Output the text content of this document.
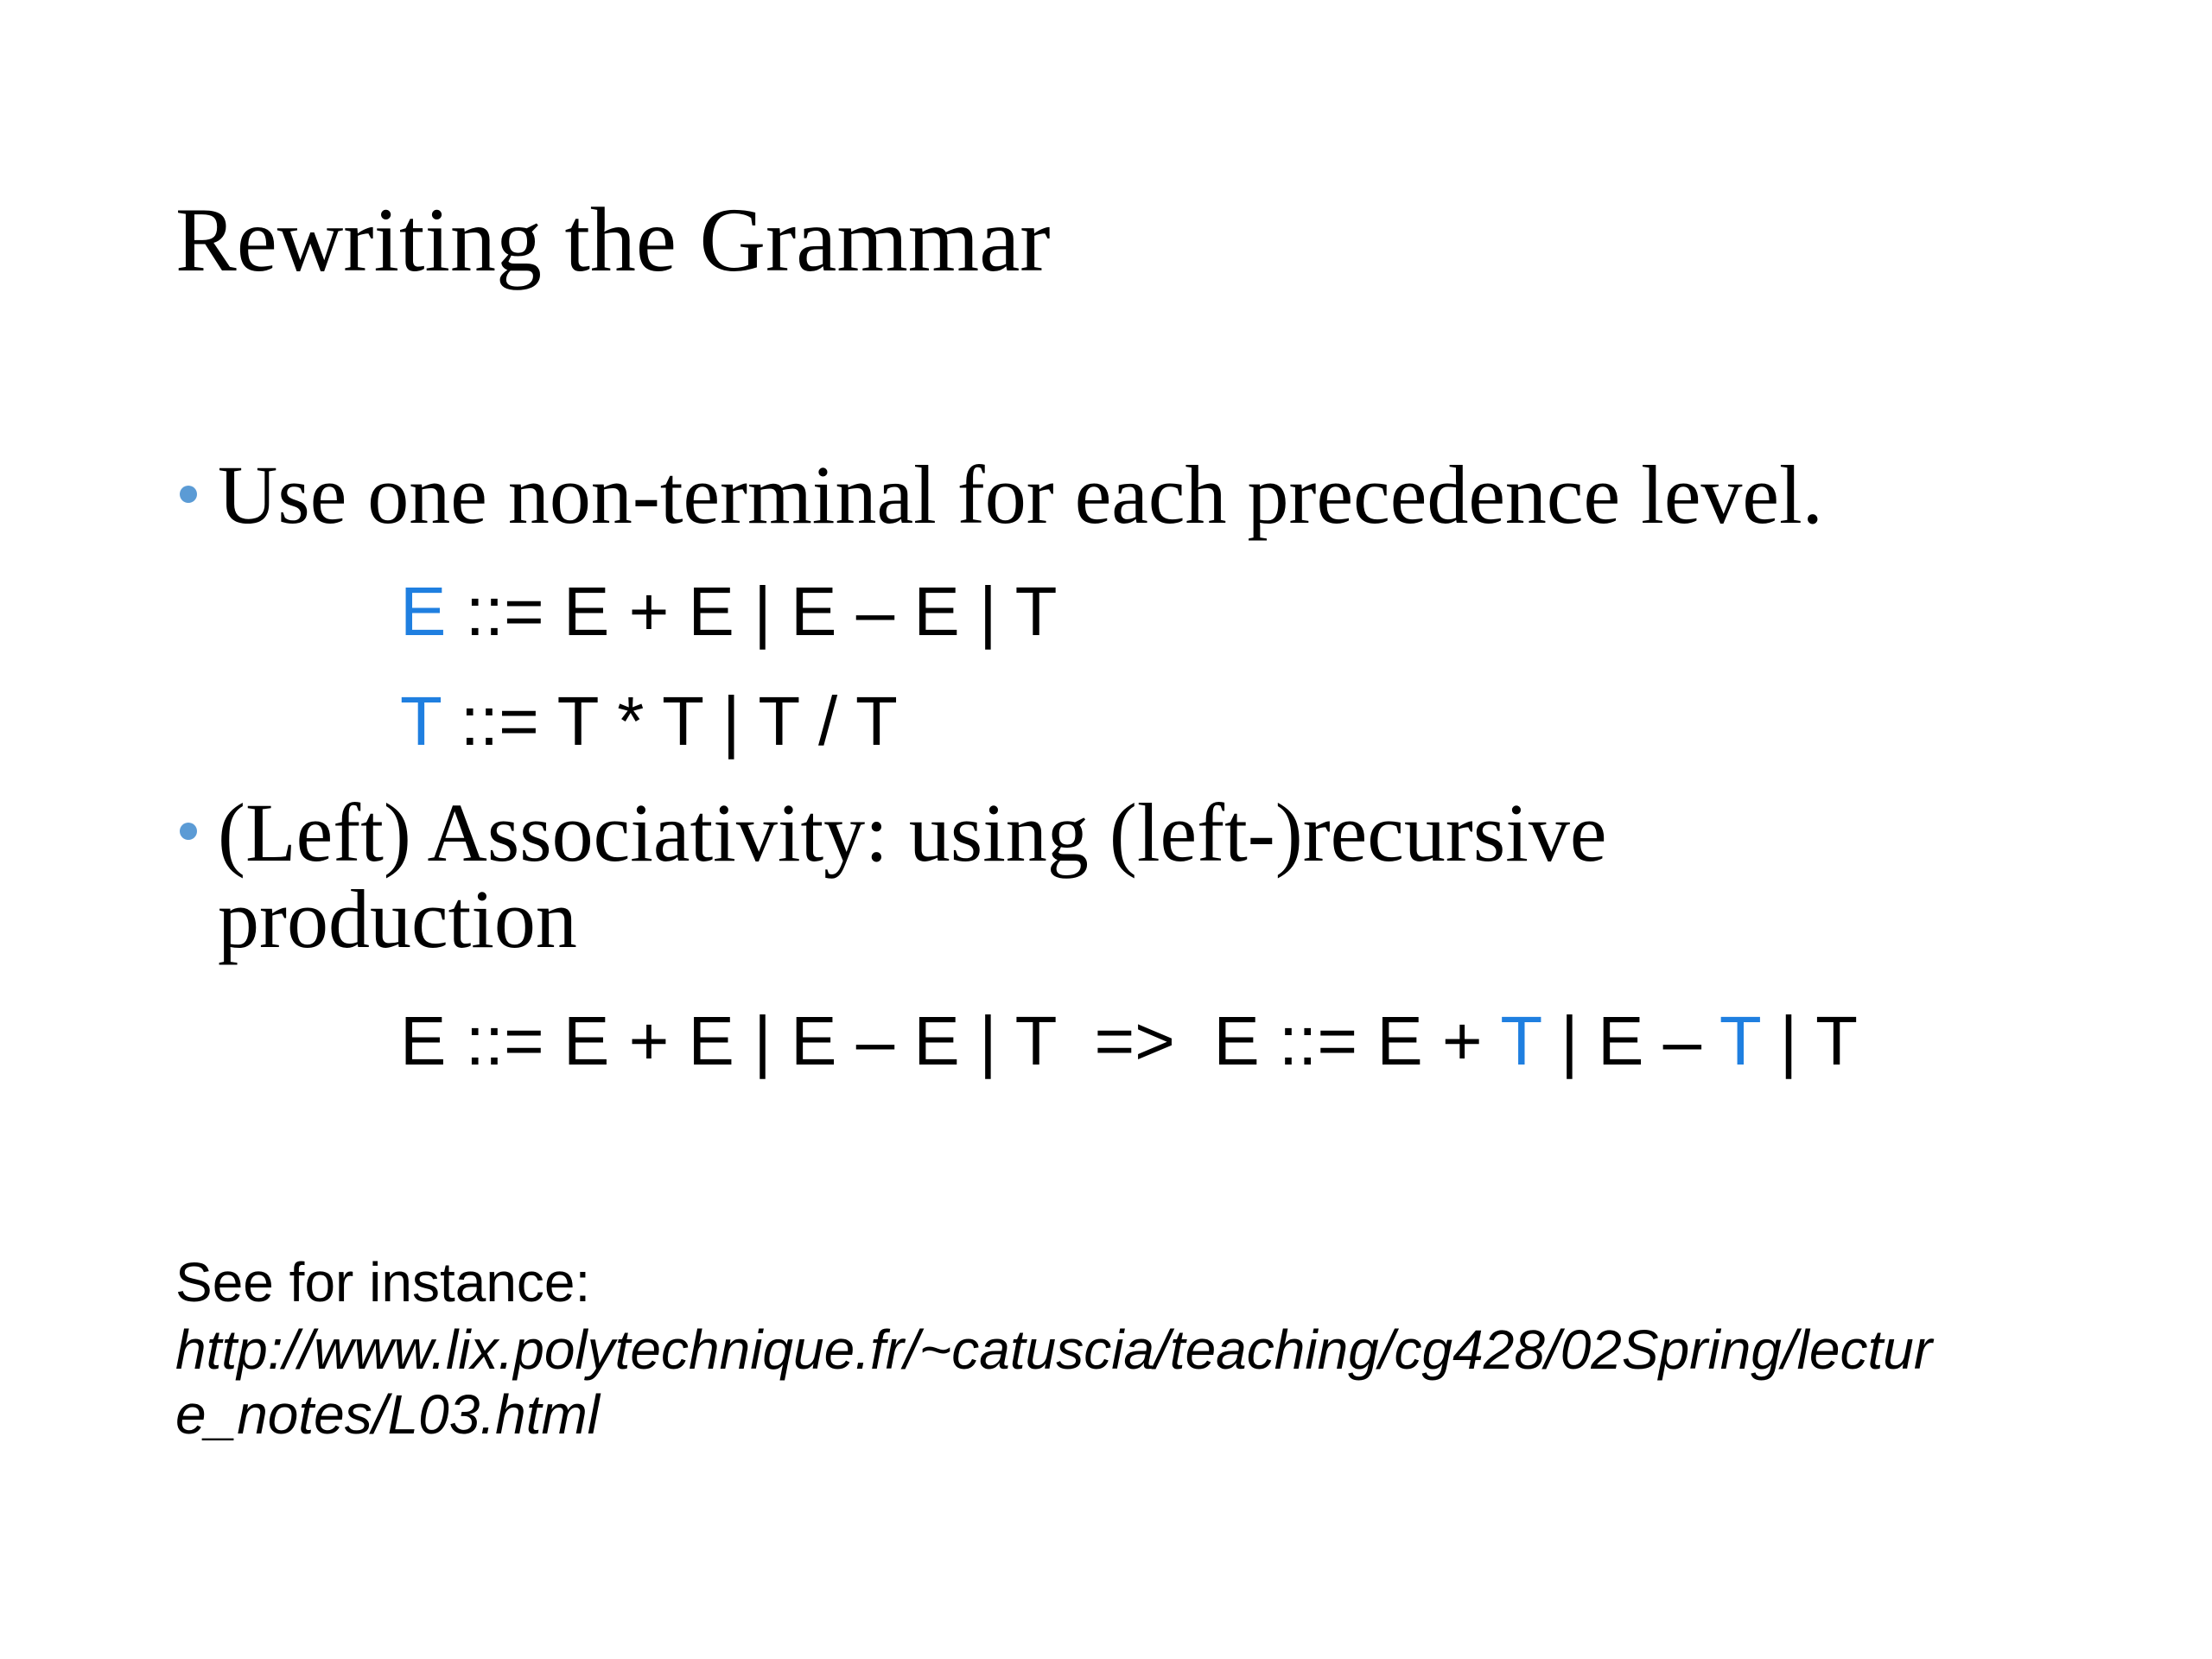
Rewriting the Grammar
Use one non-terminal for each precedence level.
E ::= E + E | E – E | T
T ::= T * T | T / T
(Left) Associativity: using (left-)recursive
production
E ::= E + E | E – E | T  =>  E ::= E + T | E – T | T
See for instance:
http://www.lix.polytechnique.fr/~catuscia/teaching/cg428/02Spring/lectur
e_notes/L03.html
